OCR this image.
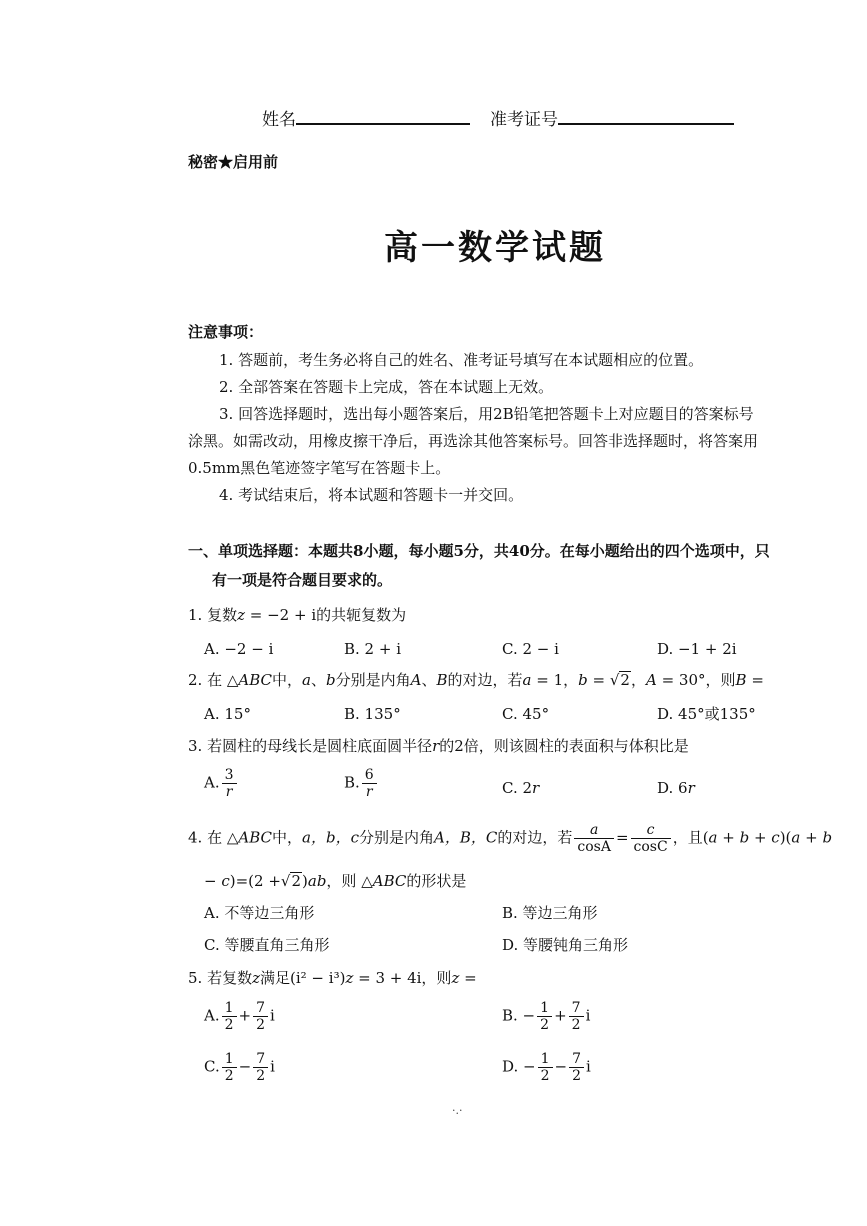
姓名	准考证号
秘密★启用前
高一数学试题
注意事项：
1. 答题前，考生务必将自己的姓名、准考证号填写在本试题相应的位置。
2. 全部答案在答题卡上完成，答在本试题上无效。
3. 回答选择题时，选出每小题答案后，用2B铅笔把答题卡上对应题目的答案标号
涂黑。如需改动，用橡皮擦干净后，再选涂其他答案标号。回答非选择题时，将答案用
0.5mm黑色笔迹签字笔写在答题卡上。
4. 考试结束后，将本试题和答题卡一并交回。
一、单项选择题：本题共8小题，每小题5分，共40分。在每小题给出的四个选项中，只
有一项是符合题目要求的。
1. 复数z = −2 + i的共轭复数为
A. −2 − i	B. 2 + i	C. 2 − i	D. −1 + 2i
2. 在 △ABC中，a、b分别是内角A、B的对边，若a = 1，b = √2，A = 30°，则B =
A. 15°	B. 135°	C. 45°	D. 45°或135°
3. 若圆柱的母线长是圆柱底面圆半径r的2倍，则该圆柱的表面积与体积比是
A. $\frac{3}{r}$	B. $\frac{6}{r}$	C. 2r	D. 6r
4. 在 △ABC中，a，b，c分别是内角A，B，C的对边，若 $\frac{a}{\cos A} = \frac{c}{\cos C}$ ，且(a + b + c)(a + b
− c)=(2 +√2)ab，则 △ABC的形状是
A. 不等边三角形	B. 等边三角形
C. 等腰直角三角形	D. 等腰钝角三角形
5. 若复数z满足(i² − i³)z = 3 + 4i，则z =
A. $\frac{1}{2} + \frac{7}{2}$ i	B. − $\frac{1}{2} + \frac{7}{2}$ i
C. $\frac{1}{2} - \frac{7}{2}$ i	D. − $\frac{1}{2} - \frac{7}{2}$ i
·.·
